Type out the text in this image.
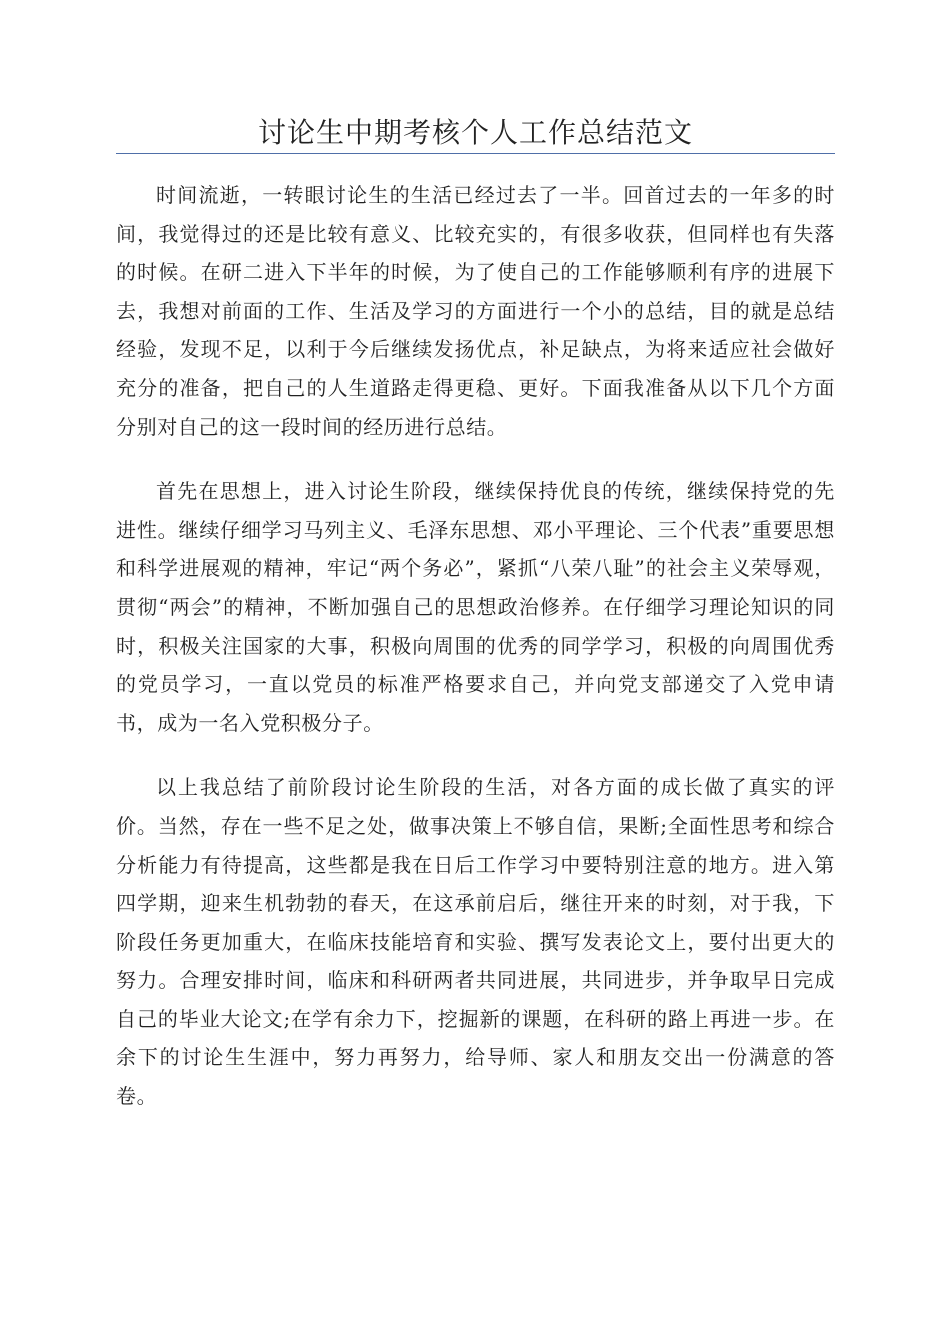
讨论生中期考核个人工作总结范文

时间流逝，一转眼讨论生的生活已经过去了一半。回首过去的一年多的时间，我觉得过的还是比较有意义、比较充实的，有很多收获，但同样也有失落的时候。在研二进入下半年的时候，为了使自己的工作能够顺利有序的进展下去，我想对前面的工作、生活及学习的方面进行一个小的总结，目的就是总结经验，发现不足，以利于今后继续发扬优点，补足缺点，为将来适应社会做好充分的准备，把自己的人生道路走得更稳、更好。下面我准备从以下几个方面分别对自己的这一段时间的经历进行总结。

首先在思想上，进入讨论生阶段，继续保持优良的传统，继续保持党的先进性。继续仔细学习马列主义、毛泽东思想、邓小平理论、三个代表”重要思想和科学进展观的精神，牢记“两个务必”，紧抓“八荣八耻”的社会主义荣辱观，贯彻“两会”的精神，不断加强自己的思想政治修养。在仔细学习理论知识的同时，积极关注国家的大事，积极向周围的优秀的同学学习，积极的向周围优秀的党员学习，一直以党员的标准严格要求自己，并向党支部递交了入党申请书，成为一名入党积极分子。

以上我总结了前阶段讨论生阶段的生活，对各方面的成长做了真实的评价。当然，存在一些不足之处，做事决策上不够自信，果断;全面性思考和综合分析能力有待提高，这些都是我在日后工作学习中要特别注意的地方。进入第四学期，迎来生机勃勃的春天，在这承前启后，继往开来的时刻，对于我，下阶段任务更加重大，在临床技能培育和实验、撰写发表论文上，要付出更大的努力。合理安排时间，临床和科研两者共同进展，共同进步，并争取早日完成自己的毕业大论文;在学有余力下，挖掘新的课题，在科研的路上再进一步。在余下的讨论生生涯中，努力再努力，给导师、家人和朋友交出一份满意的答卷。
